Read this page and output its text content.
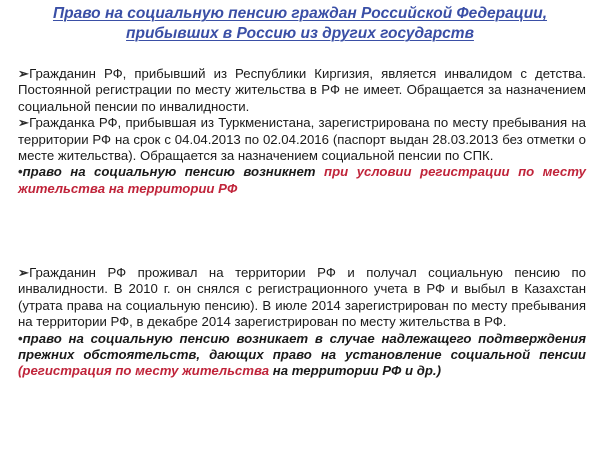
Право на социальную пенсию граждан Российской Федерации,
прибывших в Россию из других государств

➢Гражданин РФ, прибывший из Республики Киргизия, является инвалидом с детства. Постоянной регистрации по месту жительства в РФ не имеет. Обращается за назначением социальной пенсии по инвалидности.

➢Гражданка РФ, прибывшая из Туркменистана, зарегистрирована по месту пребывания на территории РФ на срок с 04.04.2013 по 02.04.2016 (паспорт выдан 28.03.2013 без отметки о месте жительства). Обращается за назначением социальной пенсии по СПК.

•право на социальную пенсию возникнет при условии регистрации по месту жительства на территории РФ

➢Гражданин РФ проживал на территории РФ и получал социальную пенсию по инвалидности. В 2010 г. он снялся с регистрационного учета в РФ и выбыл в Казахстан (утрата права на социальную пенсию). В июле 2014 зарегистрирован по месту пребывания на территории РФ, в декабре 2014 зарегистрирован по месту жительства в РФ.

•право на социальную пенсию возникает в случае надлежащего подтверждения прежних обстоятельств, дающих право на установление социальной пенсии (регистрация по месту жительства на территории РФ и др.)
